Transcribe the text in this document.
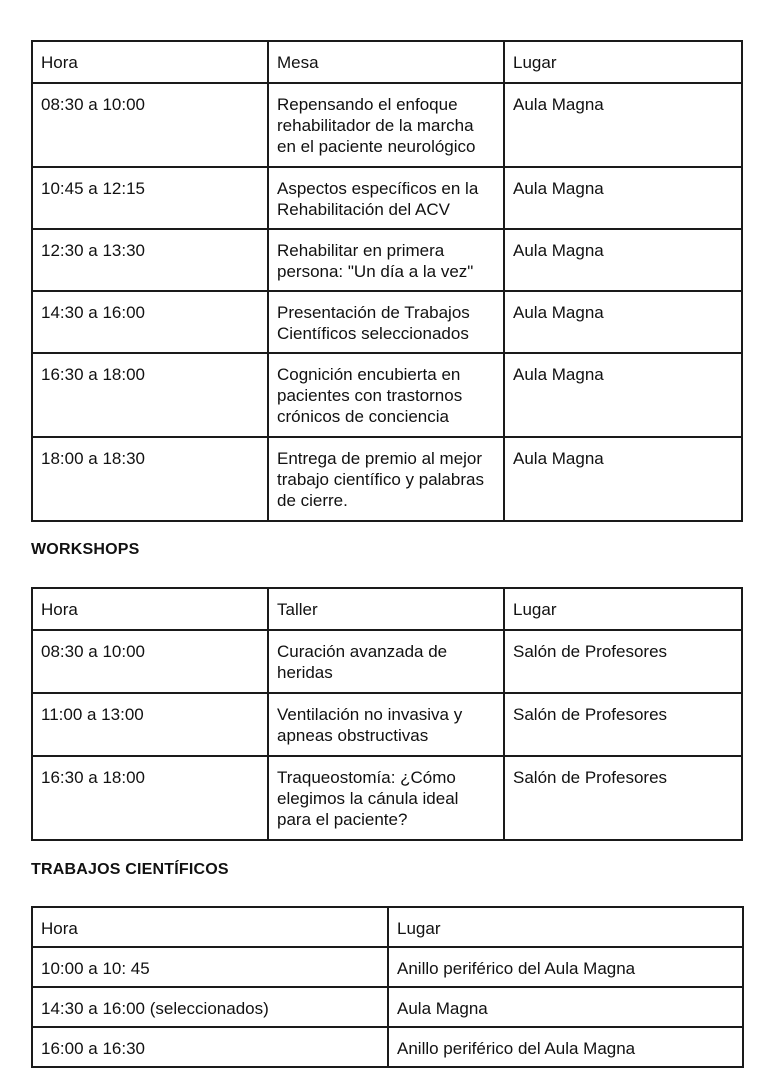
Hora	Mesa	Lugar
08:30 a 10:00	Repensando el enfoque rehabilitador de la marcha en el paciente neurológico	Aula Magna
10:45 a 12:15	Aspectos específicos en la Rehabilitación del ACV	Aula Magna
12:30 a 13:30	Rehabilitar en primera persona: "Un día a la vez"	Aula Magna
14:30 a 16:00	Presentación de Trabajos Científicos seleccionados	Aula Magna
16:30 a 18:00	Cognición encubierta en pacientes con trastornos crónicos de conciencia	Aula Magna
18:00 a 18:30	Entrega de premio al mejor trabajo científico y palabras de cierre.	Aula Magna
WORKSHOPS
Hora	Taller	Lugar
08:30 a 10:00	Curación avanzada de heridas	Salón de Profesores
11:00 a 13:00	Ventilación no invasiva y apneas obstructivas	Salón de Profesores
16:30 a 18:00	Traqueostomía: ¿Cómo elegimos la cánula ideal para el paciente?	Salón de Profesores
TRABAJOS CIENTÍFICOS
Hora	Lugar
10:00 a 10: 45	Anillo periférico del Aula Magna
14:30 a 16:00 (seleccionados)	Aula Magna
16:00 a 16:30	Anillo periférico del Aula Magna
